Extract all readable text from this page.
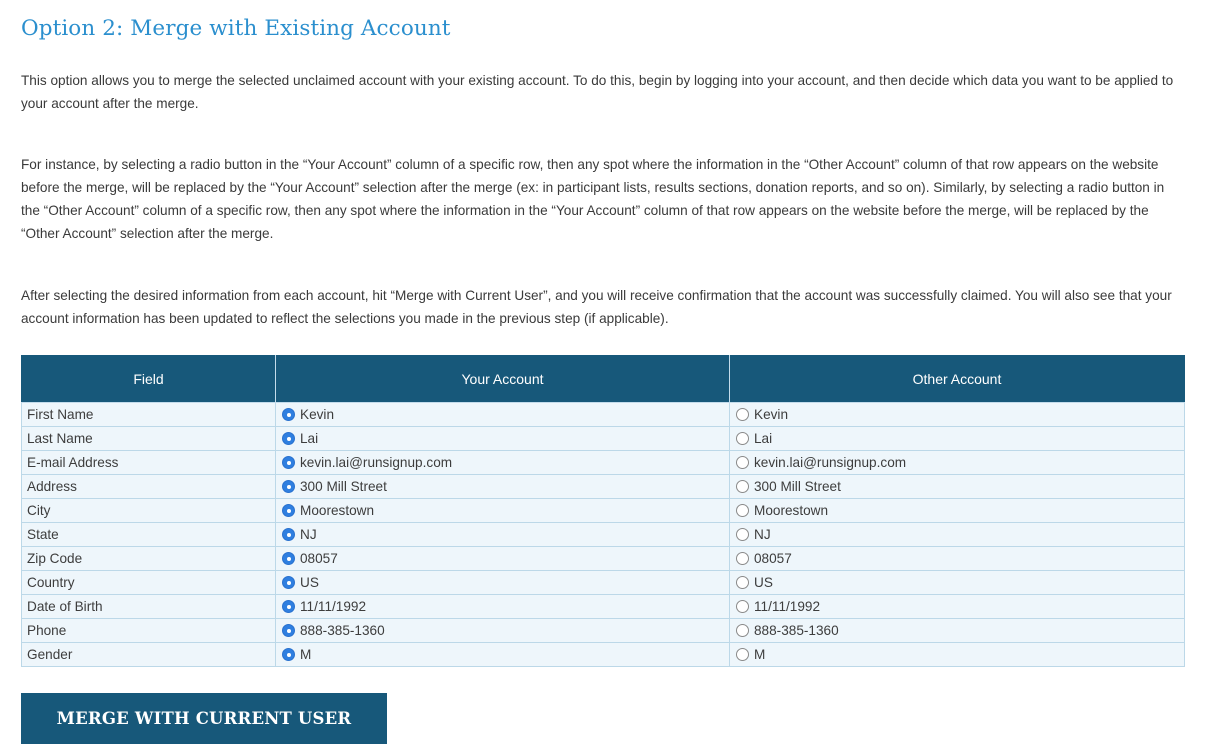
Option 2: Merge with Existing Account

This option allows you to merge the selected unclaimed account with your existing account. To do this, begin by logging into your account, and then decide which data you want to be applied to your account after the merge.

For instance, by selecting a radio button in the “Your Account” column of a specific row, then any spot where the information in the “Other Account” column of that row appears on the website before the merge, will be replaced by the “Your Account” selection after the merge (ex: in participant lists, results sections, donation reports, and so on). Similarly, by selecting a radio button in the “Other Account” column of a specific row, then any spot where the information in the “Your Account” column of that row appears on the website before the merge, will be replaced by the “Other Account” selection after the merge.

After selecting the desired information from each account, hit “Merge with Current User”, and you will receive confirmation that the account was successfully claimed. You will also see that your account information has been updated to reflect the selections you made in the previous step (if applicable).

Field	Your Account	Other Account
First Name	Kevin	Kevin

Last Name	Lai	Lai

E-mail Address	kevin.lai@runsignup.com	kevin.lai@runsignup.com

Address	300 Mill Street	300 Mill Street

City	Moorestown	Moorestown

State	NJ	NJ

Zip Code	08057	08057

Country	US	US

Date of Birth	11/11/1992	11/11/1992

Phone	888-385-1360	888-385-1360

Gender	M	M
MERGE WITH CURRENT USER
